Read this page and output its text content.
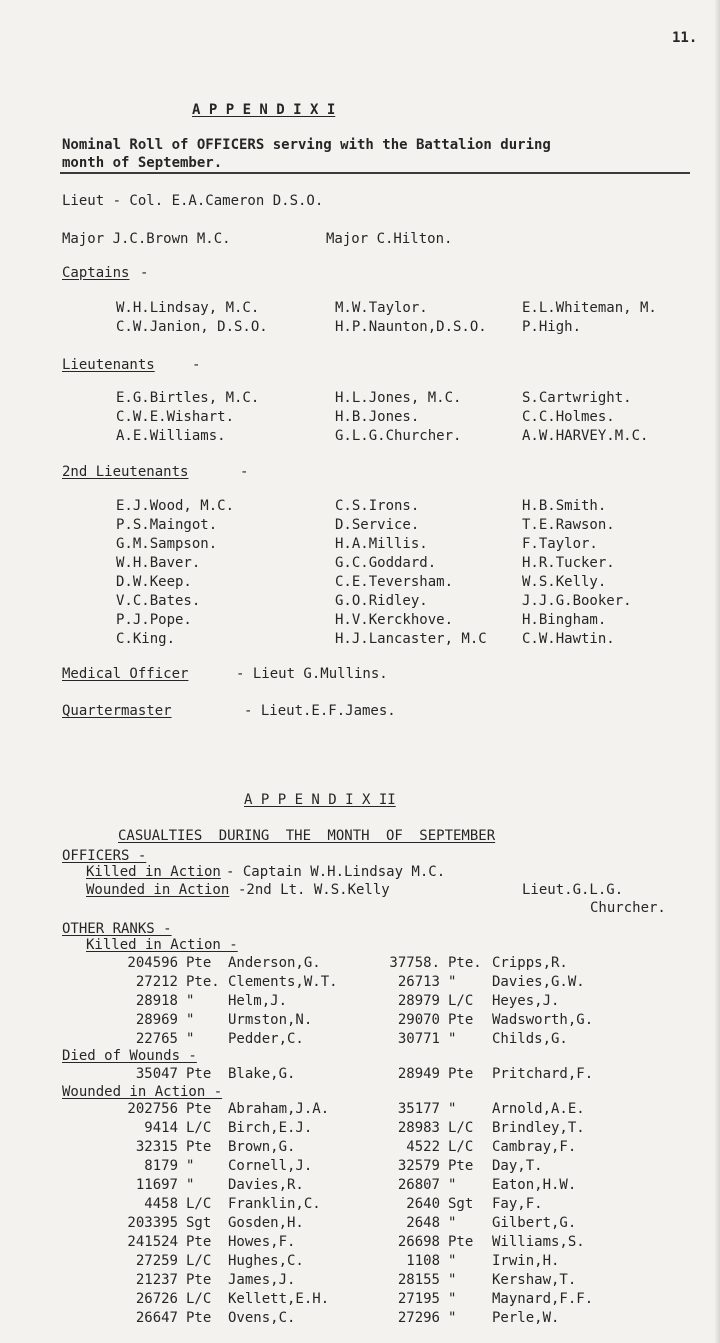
11.
A P P E N D I X I
Nominal Roll of OFFICERS serving with the Battalion during
month of September.
Lieut - Col. E.A.Cameron D.S.O.
Major J.C.Brown M.C.	Major C.Hilton.
Captains -
W.H.Lindsay, M.C.	M.W.Taylor.	E.L.Whiteman, M.
C.W.Janion, D.S.O.	H.P.Naunton,D.S.O.	P.High.
Lieutenants	-
E.G.Birtles, M.C.	H.L.Jones, M.C.	S.Cartwright.
C.W.E.Wishart.	H.B.Jones.	C.C.Holmes.
A.E.Williams.	G.L.G.Churcher.	A.W.HARVEY.M.C.
2nd Lieutenants	-
E.J.Wood, M.C.	C.S.Irons.	H.B.Smith.
P.S.Maingot.	D.Service.	T.E.Rawson.
G.M.Sampson.	H.A.Millis.	F.Taylor.
W.H.Baver.	G.C.Goddard.	H.R.Tucker.
D.W.Keep.	C.E.Teversham.	W.S.Kelly.
V.C.Bates.	G.O.Ridley.	J.J.G.Booker.
P.J.Pope.	H.V.Kerckhove.	H.Bingham.
C.King.	H.J.Lancaster, M.C	C.W.Hawtin.
Medical Officer	- Lieut G.Mullins.
Quartermaster	- Lieut.E.F.James.
A P P E N D I X II
CASUALTIES DURING THE MONTH OF SEPTEMBER
OFFICERS -
Killed in Action - Captain W.H.Lindsay M.C.
Wounded in Action -2nd Lt. W.S.Kelly	Lieut.G.L.G.
Churcher.
OTHER RANKS -
Killed in Action -
204596 Pte Anderson,G.	37758. Pte. Cripps,R.
27212 Pte. Clements,W.T.	26713 "	Davies,G.W.
28918 " Helm,J.	28979 L/C Heyes,J.
28969 " Urmston,N.	29070 Pte Wadsworth,G.
22765 " Pedder,C.	30771 "	Childs,G.
Died of Wounds -
35047 Pte Blake,G.	28949 Pte Pritchard,F.
Wounded in Action -
202756 Pte Abraham,J.A.	35177 "	Arnold,A.E.
9414 L/C Birch,E.J.	28983 L/C Brindley,T.
32315 Pte Brown,G.	4522 L/C Cambray,F.
8179 " Cornell,J.	32579 Pte Day,T.
11697 " Davies,R.	26807 "	Eaton,H.W.
4458 L/C Franklin,C.	2640 Sgt Fay,F.
203395 Sgt Gosden,H.	2648 "	Gilbert,G.
241524 Pte Howes,F.	26698 Pte Williams,S.
27259 L/C Hughes,C.	1108 "	Irwin,H.
21237 Pte James,J.	28155 "	Kershaw,T.
26726 L/C Kellett,E.H.	27195 "	Maynard,F.F.
26647 Pte Ovens,C.	27296 "	Perle,W.
